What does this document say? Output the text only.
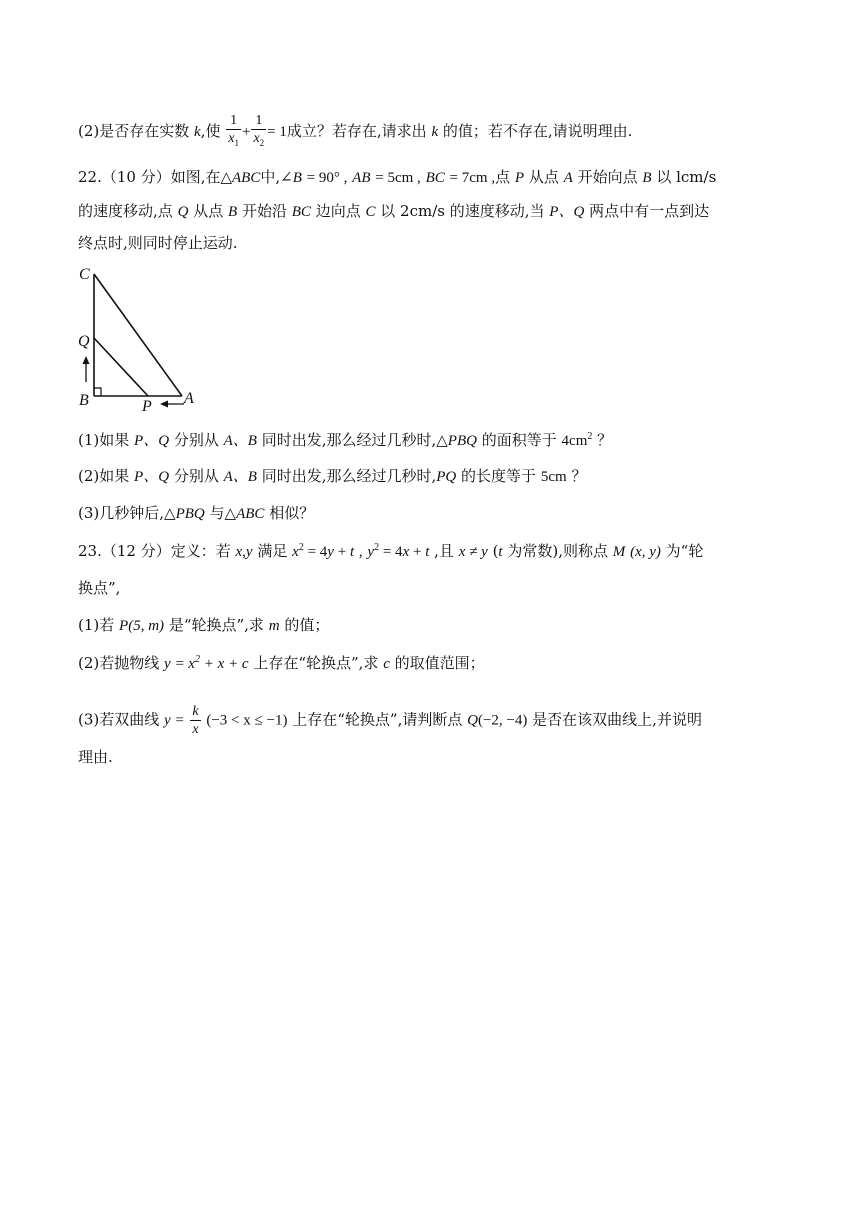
(2)是否存在实数 k,使 $\frac{1}{x_1} + \frac{1}{x_2} = 1$成立？若存在,请求出 k 的值；若不存在,请说明理由.
22.（10 分）如图,在△ABC中,∠B = 90° , AB = 5cm , BC = 7cm ,点 P 从点 A 开始向点 B 以 lcm/s
的速度移动,点 Q 从点 B 开始沿 BC 边向点 C 以 2cm/s 的速度移动,当 P、Q 两点中有一点到达
终点时,则同时停止运动.
C
Q
B	P A
(1)如果 P、Q 分别从 A、B 同时出发,那么经过几秒时,△PBQ 的面积等于 $4cm^2$ ？
(2)如果 P、Q 分别从 A、B 同时出发,那么经过几秒时,PQ 的长度等于 5cm ？
(3)几秒钟后,△PBQ 与△ABC 相似？
23.（12 分）定义：若 x,y 满足 $x^2 = 4y + t$ , $y^2 = 4x + t$ ,且 x ≠ y (t 为常数),则称点 M (x, y) 为“轮
换点”,
(1)若 P(5, m) 是“轮换点”,求 m 的值；
(2)若抛物线 $y = x^2 + x + c$ 上存在“轮换点”,求 c 的取值范围；
(3)若双曲线 $y = \frac{k}{x} (-3 < x \le -1)$ 上存在“轮换点”,请判断点 Q(−2, −4) 是否在该双曲线上,并说明
理由.
